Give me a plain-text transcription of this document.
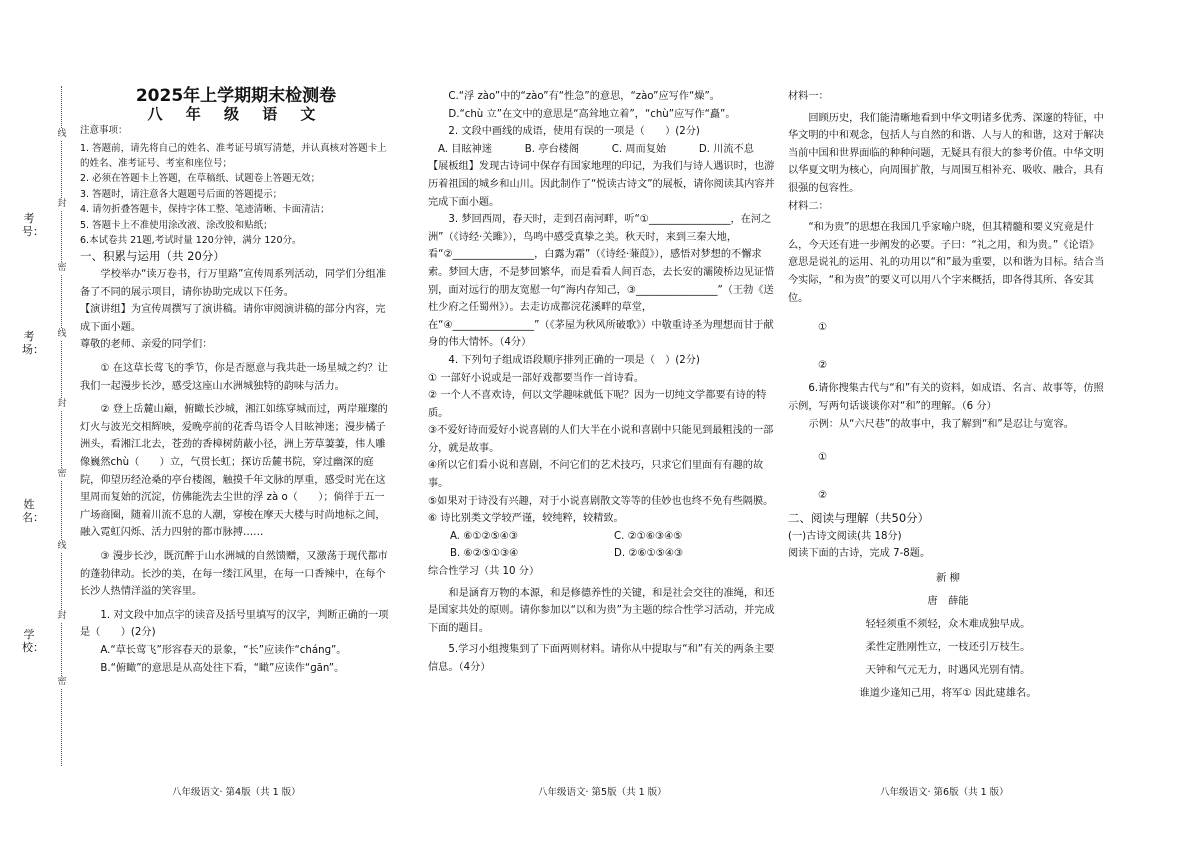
学校：
姓名：
考场：
考号：
线
封
密
线
封
密
线
封
密

2025年上学期期末检测卷

八 年 级 语 文

注意事项：

1. 答题前，请先将自己的姓名、准考证号填写清楚，并认真核对答题卡上的姓名、准考证号、考室和座位号；

2. 必须在答题卡上答题，在草稿纸、试题卷上答题无效；

3. 答题时，请注意各大题题号后面的答题提示；

4. 请勿折叠答题卡，保持字体工整、笔迹清晰、卡面清洁；

5. 答题卡上不准使用涂改液、涂改胶和贴纸；

6.本试卷共 21题,考试时量 120分钟，满分 120分。

一、积累与运用（共 20分）

学校举办“读万卷书，行万里路”宣传周系列活动，同学们分组准备了不同的展示项目，请你协助完成以下任务。

【演讲组】为宣传周撰写了演讲稿。请你审阅演讲稿的部分内容，完成下面小题。

尊敬的老师、亲爱的同学们：

① 在这草长莺飞的季节，你是否愿意与我共赴一场星城之约？让我们一起漫步长沙，感受这座山水洲城独特的韵味与活力。

② 登上岳麓山巅，俯瞰长沙城，湘江如练穿城而过，两岸璀璨的灯火与波光交相辉映，爱晚亭前的花香鸟语令人目眩神迷；漫步橘子洲头，看湘江北去，苍劲的香樟树荫蔽小径，洲上芳草萋萋，伟人雕像巍然chù（　　）立，气贯长虹；探访岳麓书院，穿过幽深的庭院，仰望历经沧桑的亭台楼阁，触摸千年文脉的厚重，感受时光在这里周而复始的沉淀，仿佛能洗去尘世的浮 zà o（　　）；倘徉于五一广场商圈，随着川流不息的人潮，穿梭在摩天大楼与时尚地标之间，融入霓虹闪烁、活力四射的都市脉搏……

③ 漫步长沙，既沉醉于山水洲城的自然馈赠，又激荡于现代都市的蓬勃律动。长沙的美，在每一缕江风里，在每一口香辣中，在每个长沙人热情洋溢的笑容里。

1. 对文段中加点字的读音及括号里填写的汉字，判断正确的一项是（　　）(2分)

A.“草长莺飞”形容春天的景象，“长”应读作“chánɡ”。

B.“俯瞰”的意思是从高处往下看，“瞰”应读作“ɡān”。

C.“浮 zào”中的“zào”有“性急”的意思，“zào”应写作“燥”。

D.“chù 立”在文中的意思是“高耸地立着”，“chù”应写作“矗”。

2. 文段中画线的成语，使用有误的一项是（　　）(2分)

A. 目眩神迷	B. 亭台楼阁	C. 周而复始	D. 川流不息

【展板组】发现古诗词中保存有国家地理的印记，为我们与诗人遇识时，也游历着祖国的城乡和山川。因此制作了“悦读古诗文”的展板，请你阅读其内容并完成下面小题。

3. 梦回西周，春天时，走到召南河畔，听“①________________，在河之洲”（《诗经·关雎》），鸟鸣中感受真挚之美。秋天时，来到三秦大地，看“②________________，白露为霜”（《诗经·蒹葭》），感悟对梦想的不懈求索。梦回大唐，不是梦回繁华，而是看看人间百态，去长安的灞陵桥边见证惜别，面对远行的朋友宽慰一句“海内存知己，③________________”（王勃《送杜少府之任蜀州》）。去走访成都浣花溪畔的草堂，在“④________________”（《茅屋为秋风所破歌》）中敬重诗圣为理想而甘于献身的伟大情怀。（4分）

4. 下列句子组成语段顺序排列正确的一项是（　）(2分)

① 一部好小说或是一部好戏都要当作一首诗看。

② 一个人不喜欢诗，何以文学趣味就低下呢？因为一切纯文学都要有诗的特质。

③不爱好诗而爱好小说喜剧的人们大半在小说和喜剧中只能见到最粗浅的一部分，就是故事。

④所以它们看小说和喜剧，不问它们的艺术技巧，只求它们里面有有趣的故事。

⑤如果对于诗没有兴趣，对于小说喜剧散文等等的佳妙也也终不免有些隔膜。

⑥ 诗比别类文学较严谨，较纯粹，较精致。

A. ⑥①②⑤④③	C. ②①⑥③④⑤
B. ⑥②⑤①③④	D. ②⑥①⑤④③

综合性学习（共 10 分）

和是涵育万物的本源，和是修德养性的关键，和是社会交往的准绳，和还是国家共处的原则。请你参加以“以和为贵”为主题的综合性学习活动，并完成下面的题目。

5.学习小组搜集到了下面两则材料。请你从中提取与“和”有关的两条主要信息。（4分）

材料一：

回顾历史，我们能清晰地看到中华文明诸多优秀、深邃的特征，中华文明的中和观念，包括人与自然的和谐、人与人的和谐，这对于解决当前中国和世界面临的种种问题，无疑具有很大的参考价值。中华文明以华夏文明为核心，向周围扩散，与周围互相补充、吸收、融合，具有很强的包容性。

材料二：

“和为贵”的思想在我国几乎家喻户晓，但其精髓和要义究竟是什么，今天还有进一步阐发的必要。子曰：“礼之用，和为贵。”《论语》意思是说礼的运用、礼的功用以“和”最为重要，以和谐为目标。结合当今实际，“和为贵”的要义可以用八个字来概括，即各得其所、各安其位。

①

②

6.请你搜集古代与“和”有关的资料，如成语、名言、故事等，仿照示例，写两句话谈谈你对“和”的理解。（6 分）

示例：从“六尺巷”的故事中，我了解到“和”是忍让与宽容。

①

②

二、阅读与理解（共50分）

(一)古诗文阅读(共 18分)

阅读下面的古诗，完成 7-8题。

新 柳

唐　薛能

轻轻须重不须轻，众木难成独早成。

柔性定胜刚性立，一枝还引万枝生。

天钟和气元无力，时遇风光别有情。

谁道少逢知己用，将军① 因此建雄名。

八年级语文· 第4版（共 1 版）	八年级语文· 第5版（共 1 版）	八年级语文· 第6版（共 1 版）
